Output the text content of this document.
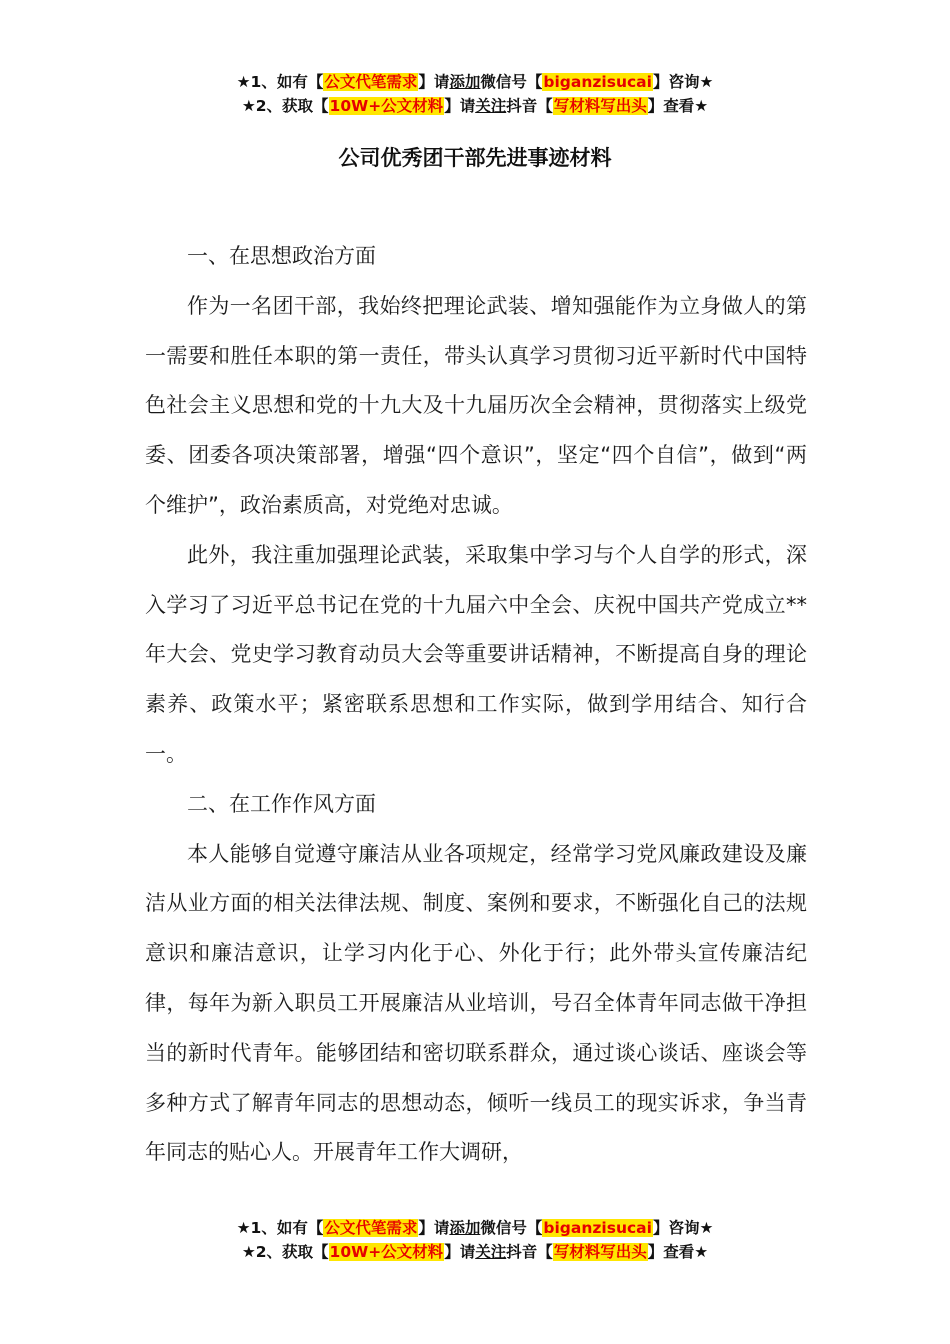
★1、如有【公文代笔需求】请添加微信号【biganzisucai】咨询★
★2、获取【10W+公文材料】请关注抖音【写材料写出头】查看★
公司优秀团干部先进事迹材料

一、在思想政治方面

作为一名团干部，我始终把理论武装、增知强能作为立身做人的第一需要和胜任本职的第一责任，带头认真学习贯彻习近平新时代中国特色社会主义思想和党的十九大及十九届历次全会精神，贯彻落实上级党委、团委各项决策部署，增强“四个意识”，坚定“四个自信”，做到“两个维护”，政治素质高，对党绝对忠诚。

此外，我注重加强理论武装，采取集中学习与个人自学的形式，深入学习了习近平总书记在党的十九届六中全会、庆祝中国共产党成立**年大会、党史学习教育动员大会等重要讲话精神，不断提高自身的理论素养、政策水平；紧密联系思想和工作实际，做到学用结合、知行合一。

二、在工作作风方面

本人能够自觉遵守廉洁从业各项规定，经常学习党风廉政建设及廉洁从业方面的相关法律法规、制度、案例和要求，不断强化自己的法规意识和廉洁意识，让学习内化于心、外化于行；此外带头宣传廉洁纪律，每年为新入职员工开展廉洁从业培训，号召全体青年同志做干净担当的新时代青年。能够团结和密切联系群众，通过谈心谈话、座谈会等多种方式了解青年同志的思想动态，倾听一线员工的现实诉求，争当青年同志的贴心人。开展青年工作大调研，

★1、如有【公文代笔需求】请添加微信号【biganzisucai】咨询★
★2、获取【10W+公文材料】请关注抖音【写材料写出头】查看★
